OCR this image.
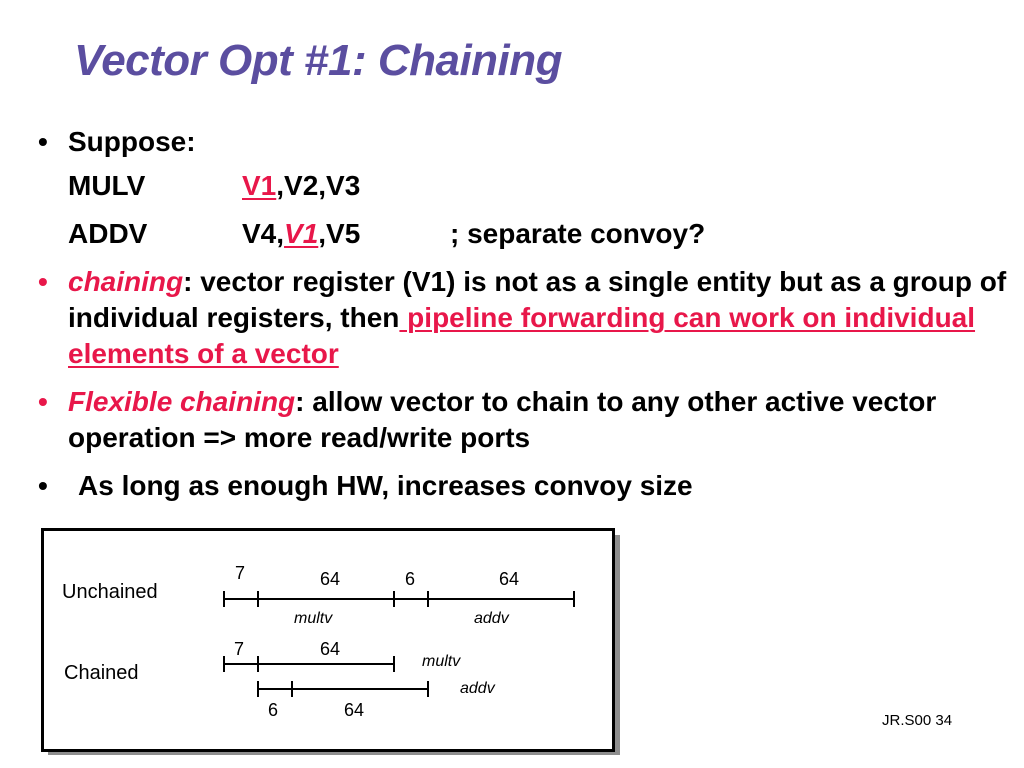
Vector Opt #1: Chaining
• Suppose:
MULV	V1,V2,V3
ADDV	V4,V1,V5	; separate convoy?
• chaining: vector register (V1) is not as a single entity but as a group of individual registers, then pipeline forwarding can work on individual elements of a vector
• Flexible chaining: allow vector to chain to any other active vector operation => more read/write ports
• As long as enough HW, increases convoy size
Unchained
Chained
7	64	6	64
multv	addv
7	64
multv
addv
6	64
JR.S00 34
